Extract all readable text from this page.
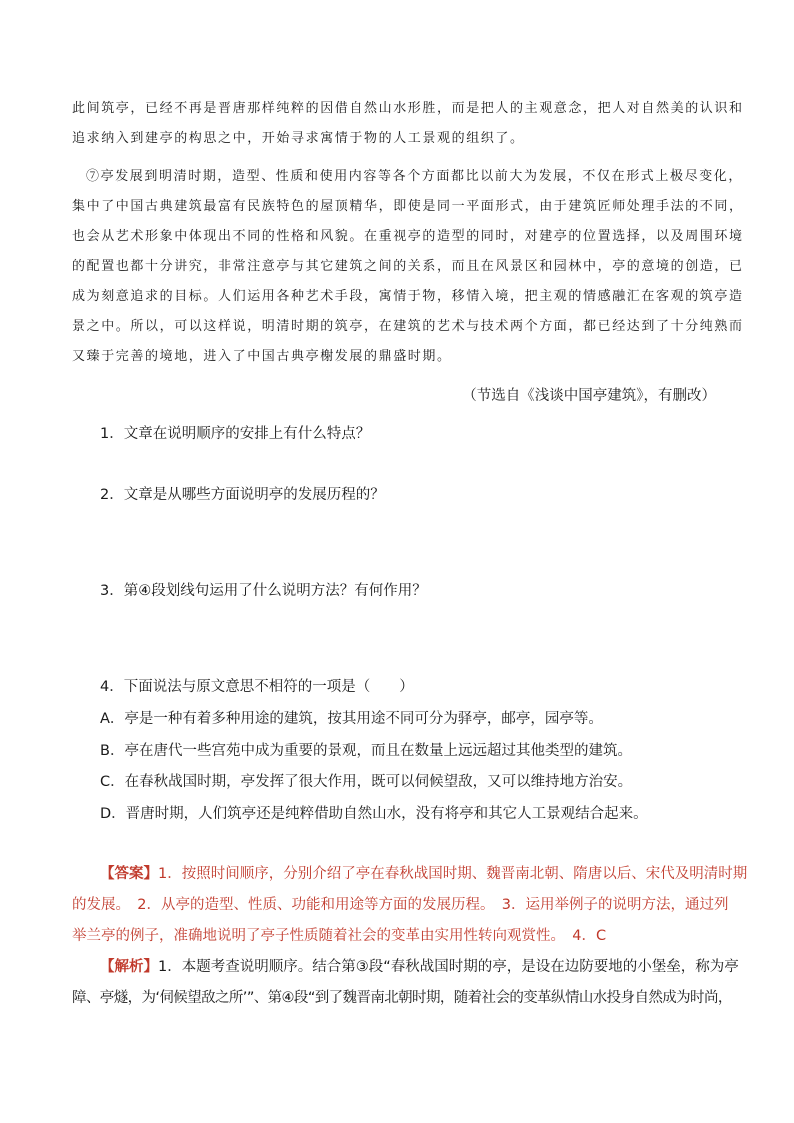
此间筑亭，已经不再是晋唐那样纯粹的因借自然山水形胜，而是把人的主观意念，把人对自然美的认识和
追求纳入到建亭的构思之中，开始寻求寓情于物的人工景观的组织了。
⑦亭发展到明清时期，造型、性质和使用内容等各个方面都比以前大为发展，不仅在形式上极尽变化，
集中了中国古典建筑最富有民族特色的屋顶精华，即使是同一平面形式，由于建筑匠师处理手法的不同，
也会从艺术形象中体现出不同的性格和风貌。在重视亭的造型的同时，对建亭的位置选择，以及周围环境
的配置也都十分讲究，非常注意亭与其它建筑之间的关系，而且在风景区和园林中，亭的意境的创造，已
成为刻意追求的目标。人们运用各种艺术手段，寓情于物，移情入境，把主观的情感融汇在客观的筑亭造
景之中。所以，可以这样说，明清时期的筑亭，在建筑的艺术与技术两个方面，都已经达到了十分纯熟而
又臻于完善的境地，进入了中国古典亭榭发展的鼎盛时期。
（节选自《浅谈中国亭建筑》，有删改）
1．文章在说明顺序的安排上有什么特点？
2．文章是从哪些方面说明亭的发展历程的？
3．第④段划线句运用了什么说明方法？有何作用？
4．下面说法与原文意思不相符的一项是（　　）
A．亭是一种有着多种用途的建筑，按其用途不同可分为驿亭，邮亭，园亭等。
B．亭在唐代一些宫苑中成为重要的景观，而且在数量上远远超过其他类型的建筑。
C．在春秋战国时期，亭发挥了很大作用，既可以伺候望敌，又可以维持地方治安。
D．晋唐时期，人们筑亭还是纯粹借助自然山水，没有将亭和其它人工景观结合起来。
【答案】1．按照时间顺序，分别介绍了亭在春秋战国时期、魏晋南北朝、隋唐以后、宋代及明清时期
的发展。　2．从亭的造型、性质、功能和用途等方面的发展历程。　3．运用举例子的说明方法，通过列
举兰亭的例子，准确地说明了亭子性质随着社会的变革由实用性转向观赏性。　4．C
【解析】1．本题考查说明顺序。结合第③段“春秋战国时期的亭，是设在边防要地的小堡垒，称为亭
障、亭燧，为‘伺候望敌之所’”、第④段“到了魏晋南北朝时期，随着社会的变革纵情山水投身自然成为时尚，
